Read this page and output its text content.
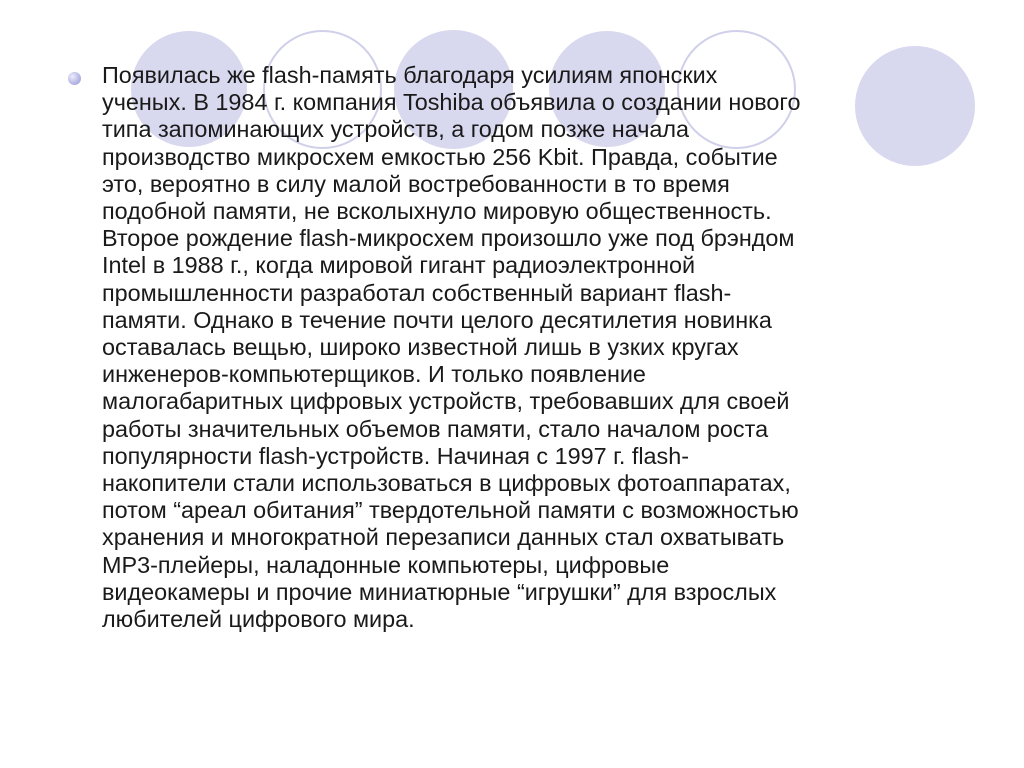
Появилась же flash-память благодаря усилиям японских
ученых. В 1984 г. компания Toshiba объявила о создании нового
типа запоминающих устройств, а годом позже начала
производство микросхем емкостью 256 Kbit. Правда, событие
это, вероятно в силу малой востребованности в то время
подобной памяти, не всколыхнуло мировую общественность.
Второе рождение flash-микросхем произошло уже под брэндом
Intel в 1988 г., когда мировой гигант радиоэлектронной
промышленности разработал собственный вариант flash-
памяти. Однако в течение почти целого десятилетия новинка
оставалась вещью, широко известной лишь в узких кругах
инженеров-компьютерщиков. И только появление
малогабаритных цифровых устройств, требовавших для своей
работы значительных объемов памяти, стало началом роста
популярности flash-устройств. Начиная с 1997 г. flash-
накопители стали использоваться в цифровых фотоаппаратах,
потом “ареал обитания” твердотельной памяти с возможностью
хранения и многократной перезаписи данных стал охватывать
MP3-плейеры, наладонные компьютеры, цифровые
видеокамеры и прочие миниатюрные “игрушки” для взрослых
любителей цифрового мира.
